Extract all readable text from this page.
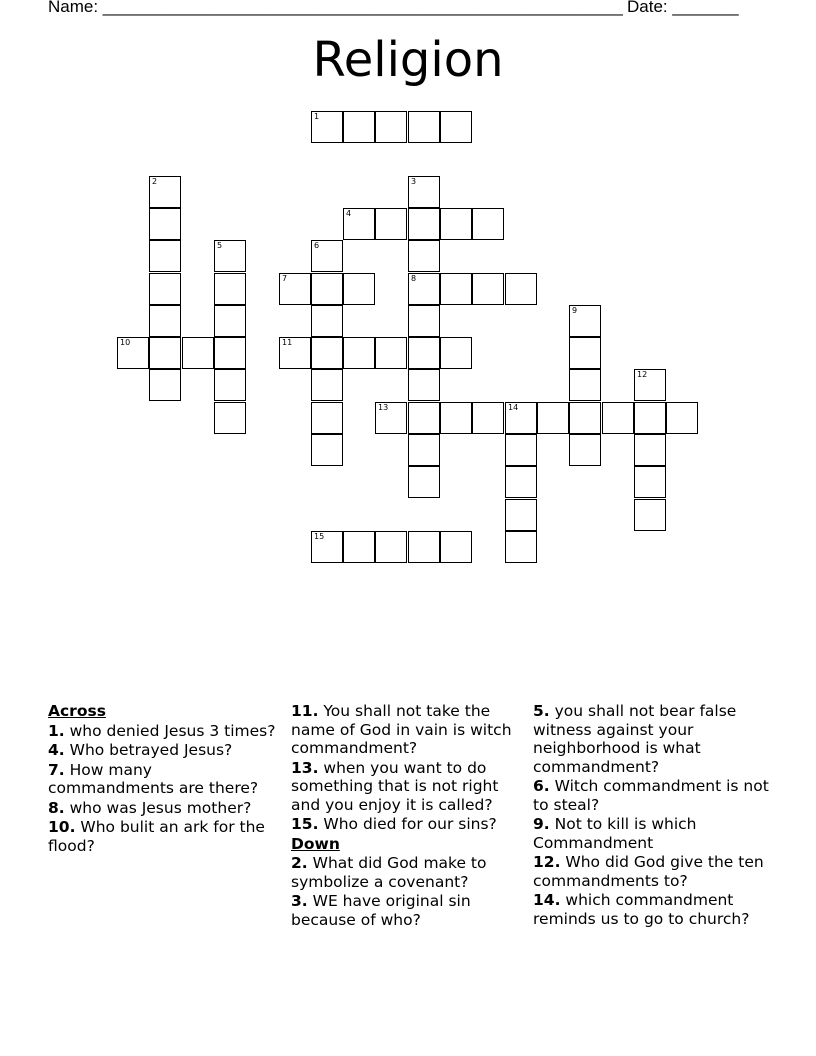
Name: _______________________________________________________ Date: _______
Religion
1
2	3
4
5	6
7	8
9
10	11
12
13	14
15
Across
1. who denied Jesus 3 times?
4. Who betrayed Jesus?
7. How many commandments are there?
8. who was Jesus mother?
10. Who bulit an ark for the flood?
11. You shall not take the name of God in vain is witch commandment?
13. when you want to do something that is not right and you enjoy it is called?
15. Who died for our sins?
Down
2. What did God make to symbolize a covenant?
3. WE have original sin because of who?
5. you shall not bear false witness against your neighborhood is what commandment?
6. Witch commandment is not to steal?
9. Not to kill is which Commandment
12. Who did God give the ten commandments to?
14. which commandment reminds us to go to church?
